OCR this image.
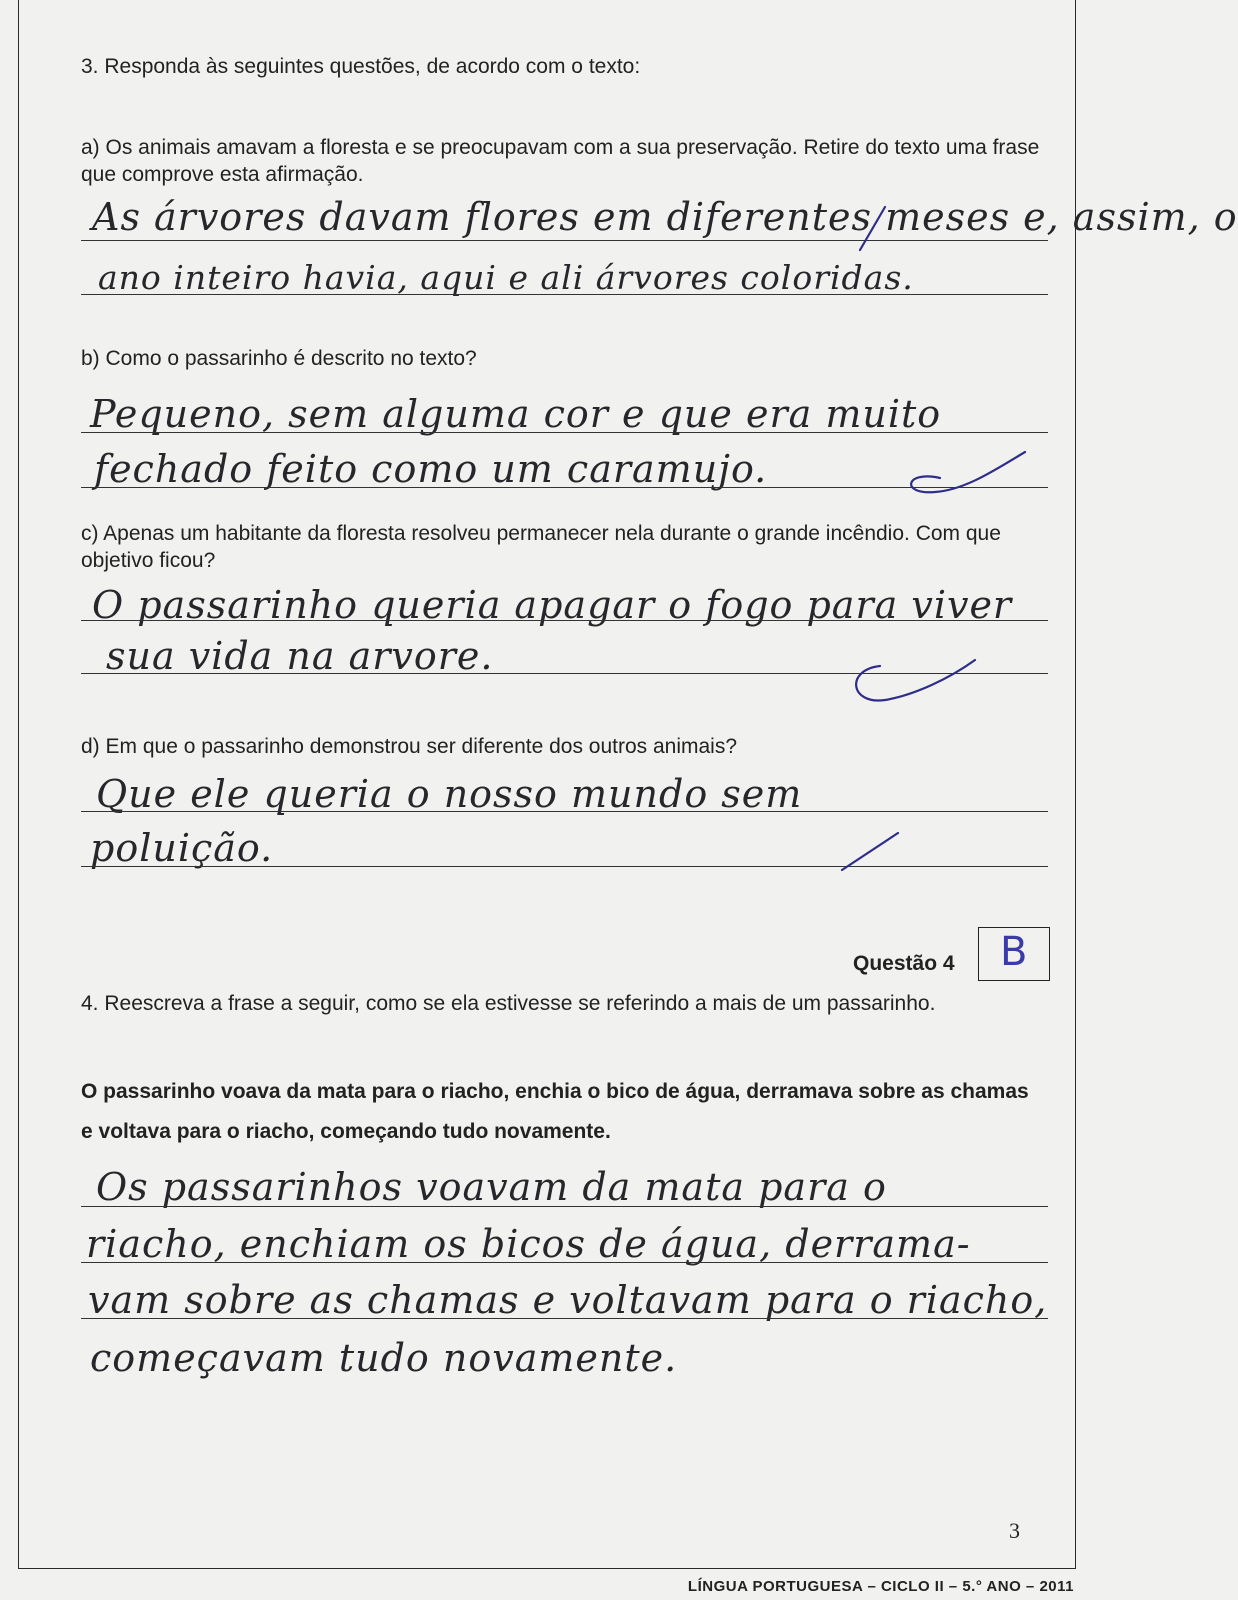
3. Responda às seguintes questões, de acordo com o texto:
a) Os animais amavam a floresta e se preocupavam com a sua preservação. Retire do texto uma frase que comprove esta afirmação.
As árvores davam flores em diferentes meses e, assim, o
ano inteiro havia, aqui e ali árvores coloridas.
b) Como o passarinho é descrito no texto?
Pequeno, sem alguma cor e que era muito
fechado feito como um caramujo.
c) Apenas um habitante da floresta resolveu permanecer nela durante o grande incêndio. Com que objetivo ficou?
O passarinho queria apagar o fogo para viver
sua vida na arvore.
d) Em que o passarinho demonstrou ser diferente dos outros animais?
Que ele queria o nosso mundo sem
poluição.
Questão 4 B
4. Reescreva a frase a seguir, como se ela estivesse se referindo a mais de um passarinho.
O passarinho voava da mata para o riacho, enchia o bico de água, derramava sobre as chamas e voltava para o riacho, começando tudo novamente.
Os passarinhos voavam da mata para o
riacho, enchiam os bicos de água, derrama-
vam sobre as chamas e voltavam para o riacho,
começavam tudo novamente.
3
LÍNGUA PORTUGUESA – CICLO II – 5.° ANO – 2011
